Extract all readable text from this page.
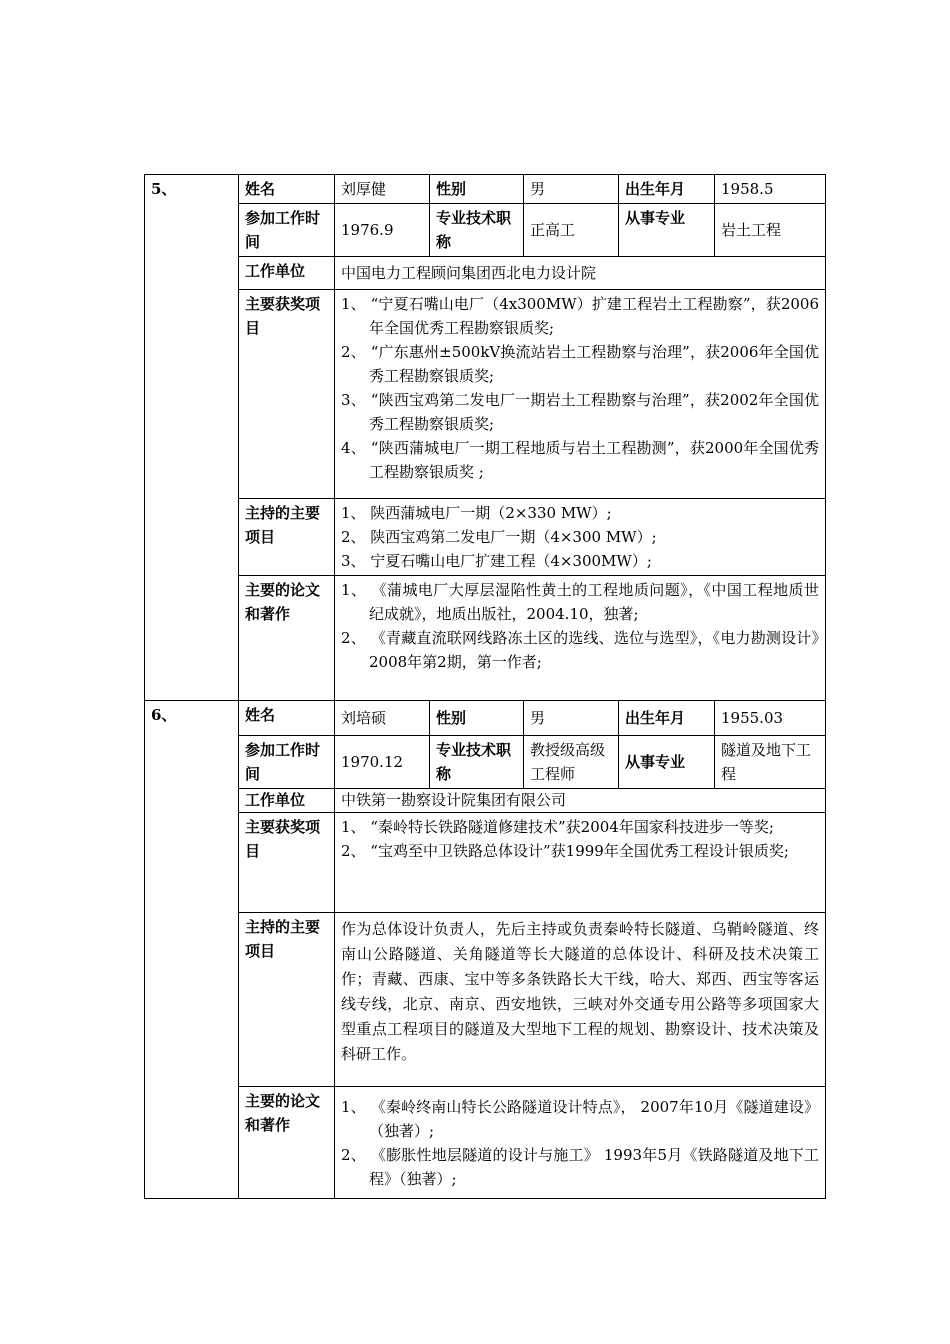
5、	姓名	刘厚健	性别	男	出生年月	1958.5
	参加工作时间	1976.9	专业技术职称	正高工	从事专业	岩土工程
	工作单位	中国电力工程顾问集团西北电力设计院				
	主要获奖项目	1、 “宁夏石嘴山电厂（4x300MW）扩建工程岩土工程勘察”，获2006年全国优秀工程勘察银质奖;
2、 “广东惠州±500kV换流站岩土工程勘察与治理”，获2006年全国优秀工程勘察银质奖;
3、 “陕西宝鸡第二发电厂一期岩土工程勘察与治理”，获2002年全国优秀工程勘察银质奖;
4、 “陕西蒲城电厂一期工程地质与岩土工程勘测”，获2000年全国优秀工程勘察银质奖 ;				

	主持的主要项目	1、 陕西蒲城电厂一期（2×330 MW）;
2、 陕西宝鸡第二发电厂一期（4×300 MW）;
3、 宁夏石嘴山电厂扩建工程（4×300MW）;				

	主要的论文和著作	1、 《蒲城电厂大厚层湿陷性黄土的工程地质问题》，《中国工程地质世纪成就》，地质出版社，2004.10，独著;
2、 《青藏直流联网线路冻土区的选线、选位与选型》，《电力勘测设计》2008年第2期，第一作者;				

6、	姓名	刘培硕	性别	男	出生年月	1955.03
	参加工作时间	1970.12	专业技术职称	教授级高级工程师	从事专业	隧道及地下工程
	工作单位	中铁第一勘察设计院集团有限公司				
	主要获奖项目	1、 “秦岭特长铁路隧道修建技术”获2004年国家科技进步一等奖;
2、 “宝鸡至中卫铁路总体设计”获1999年全国优秀工程设计银质奖;				

	主持的主要项目	作为总体设计负责人，先后主持或负责秦岭特长隧道、乌鞘岭隧道、终南山公路隧道、关角隧道等长大隧道的总体设计、科研及技术决策工作；青藏、西康、宝中等多条铁路长大干线，哈大、郑西、西宝等客运线专线，北京、南京、西安地铁，三峡对外交通专用公路等多项国家大型重点工程项目的隧道及大型地下工程的规划、勘察设计、技术决策及科研工作。				
	主要的论文和著作	1、 《秦岭终南山特长公路隧道设计特点》， 2007年10月《隧道建设》（独著）;
2、 《膨胀性地层隧道的设计与施工》 1993年5月《铁路隧道及地下工程》（独著）;				
